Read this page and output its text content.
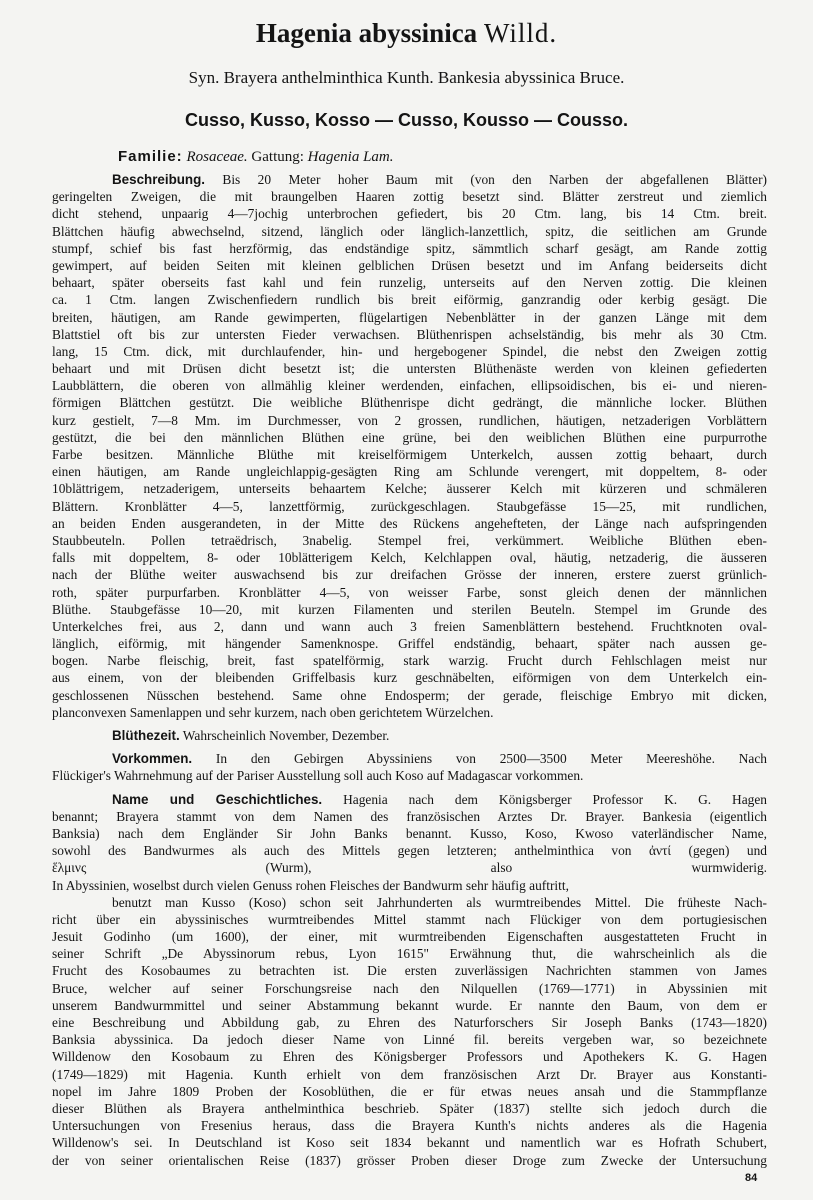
Hagenia abyssinica Willd.
Syn. Brayera anthelminthica Kunth. Bankesia abyssinica Bruce.
Cusso, Kusso, Kosso — Cusso, Kousso — Cousso.
Familie: Rosaceae. Gattung: Hagenia Lam.
Beschreibung. Bis 20 Meter hoher Baum mit (von den Narben der abgefallenen Blätter)
geringelten Zweigen, die mit braungelben Haaren zottig besetzt sind. Blätter zerstreut und ziemlich
dicht stehend, unpaarig 4—7jochig unterbrochen gefiedert, bis 20 Ctm. lang, bis 14 Ctm. breit.
Blättchen häufig abwechselnd, sitzend, länglich oder länglich-lanzettlich, spitz, die seitlichen am Grunde
stumpf, schief bis fast herzförmig, das endständige spitz, sämmtlich scharf gesägt, am Rande zottig
gewimpert, auf beiden Seiten mit kleinen gelblichen Drüsen besetzt und im Anfang beiderseits dicht
behaart, später oberseits fast kahl und fein runzelig, unterseits auf den Nerven zottig. Die kleinen
ca. 1 Ctm. langen Zwischenfiedern rundlich bis breit eiförmig, ganzrandig oder kerbig gesägt. Die
breiten, häutigen, am Rande gewimperten, flügelartigen Nebenblätter in der ganzen Länge mit dem
Blattstiel oft bis zur untersten Fieder verwachsen. Blüthenrispen achselständig, bis mehr als 30 Ctm.
lang, 15 Ctm. dick, mit durchlaufender, hin- und hergebogener Spindel, die nebst den Zweigen zottig
behaart und mit Drüsen dicht besetzt ist; die untersten Blüthenäste werden von kleinen gefiederten
Laubblättern, die oberen von allmählig kleiner werdenden, einfachen, ellipsoidischen, bis ei- und nieren-
förmigen Blättchen gestützt. Die weibliche Blüthenrispe dicht gedrängt, die männliche locker. Blüthen
kurz gestielt, 7—8 Mm. im Durchmesser, von 2 grossen, rundlichen, häutigen, netzaderigen Vorblättern
gestützt, die bei den männlichen Blüthen eine grüne, bei den weiblichen Blüthen eine purpurrothe
Farbe besitzen. Männliche Blüthe mit kreiselförmigem Unterkelch, aussen zottig behaart, durch
einen häutigen, am Rande ungleichlappig-gesägten Ring am Schlunde verengert, mit doppeltem, 8- oder
10blättrigem, netzaderigem, unterseits behaartem Kelche; äusserer Kelch mit kürzeren und schmäleren
Blättern. Kronblätter 4—5, lanzettförmig, zurückgeschlagen. Staubgefässe 15—25, mit rundlichen,
an beiden Enden ausgerandeten, in der Mitte des Rückens angehefteten, der Länge nach aufspringenden
Staubbeuteln. Pollen tetraëdrisch, 3nabelig. Stempel frei, verkümmert. Weibliche Blüthen eben-
falls mit doppeltem, 8- oder 10blätterigem Kelch, Kelchlappen oval, häutig, netzaderig, die äusseren
nach der Blüthe weiter auswachsend bis zur dreifachen Grösse der inneren, erstere zuerst grünlich-
roth, später purpurfarben. Kronblätter 4—5, von weisser Farbe, sonst gleich denen der männlichen
Blüthe. Staubgefässe 10—20, mit kurzen Filamenten und sterilen Beuteln. Stempel im Grunde des
Unterkelches frei, aus 2, dann und wann auch 3 freien Samenblättern bestehend. Fruchtknoten oval-
länglich, eiförmig, mit hängender Samenknospe. Griffel endständig, behaart, später nach aussen ge-
bogen. Narbe fleischig, breit, fast spatelförmig, stark warzig. Frucht durch Fehlschlagen meist nur
aus einem, von der bleibenden Griffelbasis kurz geschnäbelten, eiförmigen von dem Unterkelch ein-
geschlossenen Nüsschen bestehend. Same ohne Endosperm; der gerade, fleischige Embryo mit dicken,
planconvexen Samenlappen und sehr kurzem, nach oben gerichtetem Würzelchen.
Blüthezeit. Wahrscheinlich November, Dezember.
Vorkommen. In den Gebirgen Abyssiniens von 2500—3500 Meter Meereshöhe. Nach
Flückiger's Wahrnehmung auf der Pariser Ausstellung soll auch Koso auf Madagascar vorkommen.
Name und Geschichtliches. Hagenia nach dem Königsberger Professor K. G. Hagen
benannt; Brayera stammt von dem Namen des französischen Arztes Dr. Brayer. Bankesia (eigentlich
Banksia) nach dem Engländer Sir John Banks benannt. Kusso, Koso, Kwoso vaterländischer Name,
sowohl des Bandwurmes als auch des Mittels gegen letzteren; anthelminthica von ἀντί (gegen) und
ἕλμινς (Wurm), also wurmwiderig.
In Abyssinien, woselbst durch vielen Genuss rohen Fleisches der Bandwurm sehr häufig auftritt,
benutzt man Kusso (Koso) schon seit Jahrhunderten als wurmtreibendes Mittel. Die früheste Nach-
richt über ein abyssinisches wurmtreibendes Mittel stammt nach Flückiger von dem portugiesischen
Jesuit Godinho (um 1600), der einer, mit wurmtreibenden Eigenschaften ausgestatteten Frucht in
seiner Schrift „De Abyssinorum rebus, Lyon 1615" Erwähnung thut, die wahrscheinlich als die
Frucht des Kosobaumes zu betrachten ist. Die ersten zuverlässigen Nachrichten stammen von James
Bruce, welcher auf seiner Forschungsreise nach den Nilquellen (1769—1771) in Abyssinien mit
unserem Bandwurmmittel und seiner Abstammung bekannt wurde. Er nannte den Baum, von dem er
eine Beschreibung und Abbildung gab, zu Ehren des Naturforschers Sir Joseph Banks (1743—1820)
Banksia abyssinica. Da jedoch dieser Name von Linné fil. bereits vergeben war, so bezeichnete
Willdenow den Kosobaum zu Ehren des Königsberger Professors und Apothekers K. G. Hagen
(1749—1829) mit Hagenia. Kunth erhielt von dem französischen Arzt Dr. Brayer aus Konstanti-
nopel im Jahre 1809 Proben der Kosoblüthen, die er für etwas neues ansah und die Stammpflanze
dieser Blüthen als Brayera anthelminthica beschrieb. Später (1837) stellte sich jedoch durch die
Untersuchungen von Fresenius heraus, dass die Brayera Kunth's nichts anderes als die Hagenia
Willdenow's sei. In Deutschland ist Koso seit 1834 bekannt und namentlich war es Hofrath Schubert,
der von seiner orientalischen Reise (1837) grösser Proben dieser Droge zum Zwecke der Untersuchung
84
